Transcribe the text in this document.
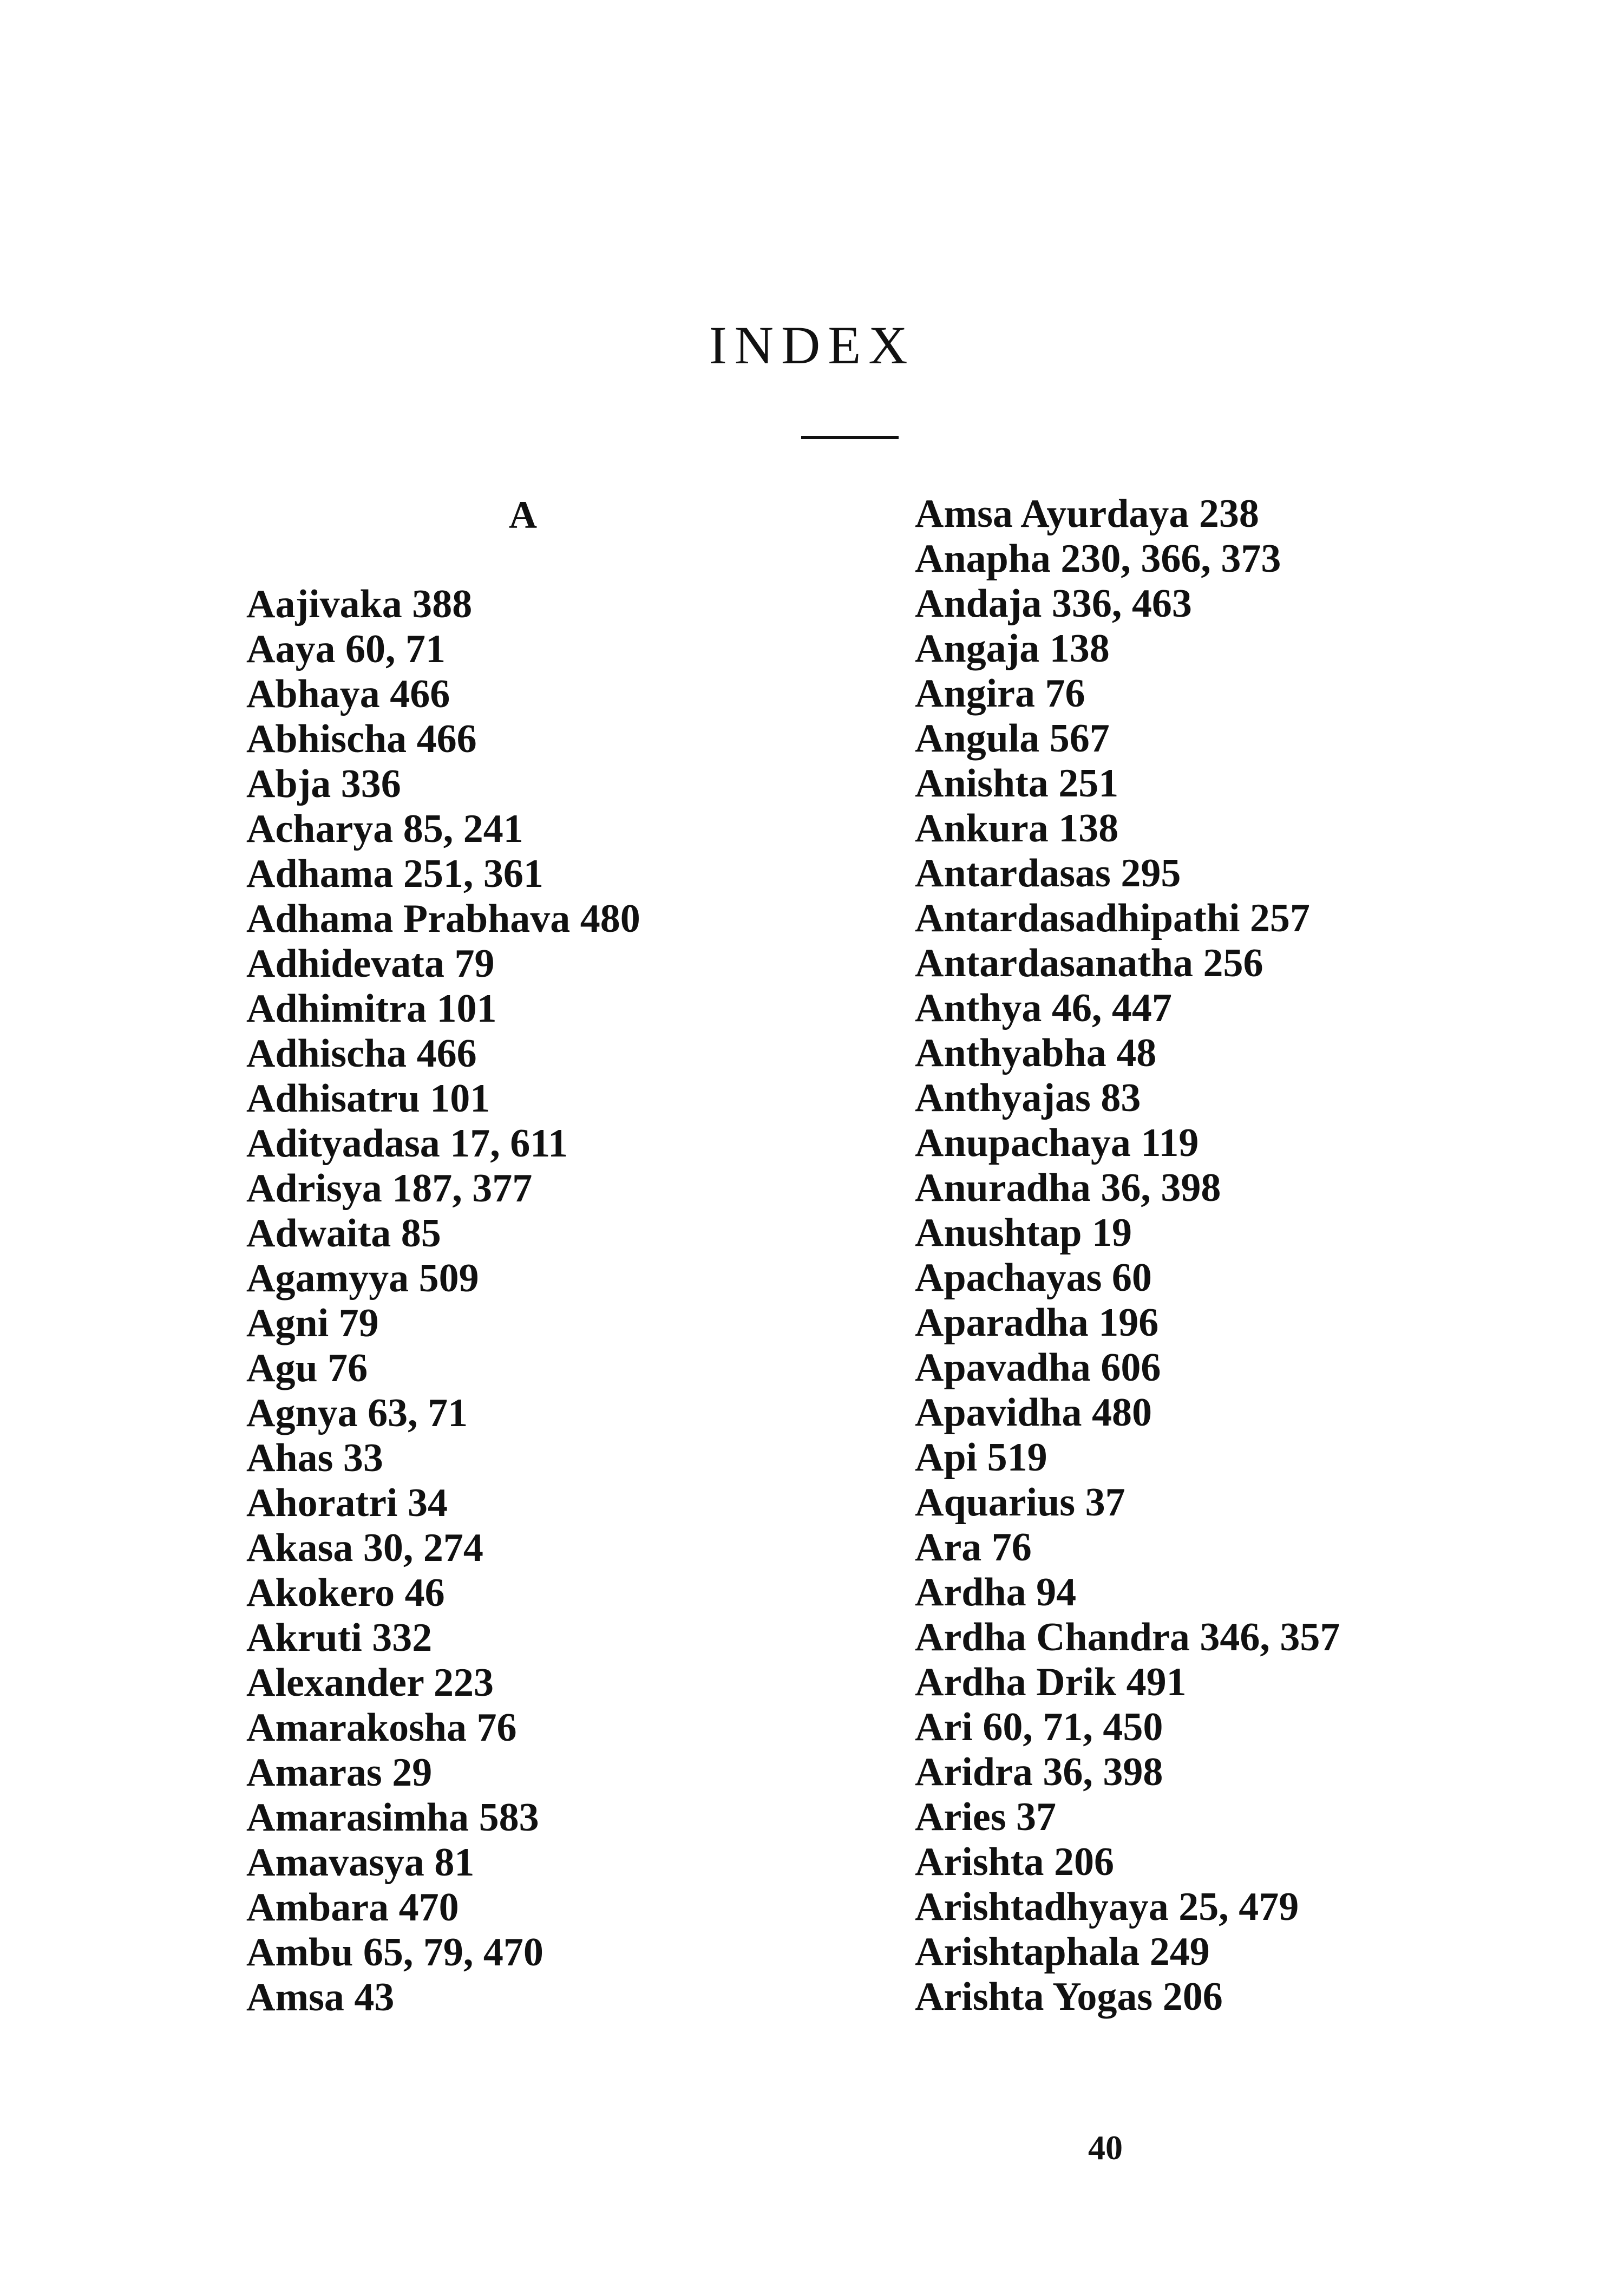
INDEX
A
Aajivaka 388
Aaya 60, 71
Abhaya 466
Abhischa 466
Abja 336
Acharya 85, 241
Adhama 251, 361
Adhama Prabhava 480
Adhidevata 79
Adhimitra 101
Adhischa 466
Adhisatru 101
Adityadasa 17, 611
Adrisya 187, 377
Adwaita 85
Agamyya 509
Agni 79
Agu 76
Agnya 63, 71
Ahas 33
Ahoratri 34
Akasa 30, 274
Akokero 46
Akruti 332
Alexander 223
Amarakosha 76
Amaras 29
Amarasimha 583
Amavasya 81
Ambara 470
Ambu 65, 79, 470
Amsa 43
Amsa Ayurdaya 238
Anapha 230, 366, 373
Andaja 336, 463
Angaja 138
Angira 76
Angula 567
Anishta 251
Ankura 138
Antardasas 295
Antardasadhipathi 257
Antardasanatha 256
Anthya 46, 447
Anthyabha 48
Anthyajas 83
Anupachaya 119
Anuradha 36, 398
Anushtap 19
Apachayas 60
Aparadha 196
Apavadha 606
Apavidha 480
Api 519
Aquarius 37
Ara 76
Ardha 94
Ardha Chandra 346, 357
Ardha Drik 491
Ari 60, 71, 450
Aridra 36, 398
Aries 37
Arishta 206
Arishtadhyaya 25, 479
Arishtaphala 249
Arishta Yogas 206
40
